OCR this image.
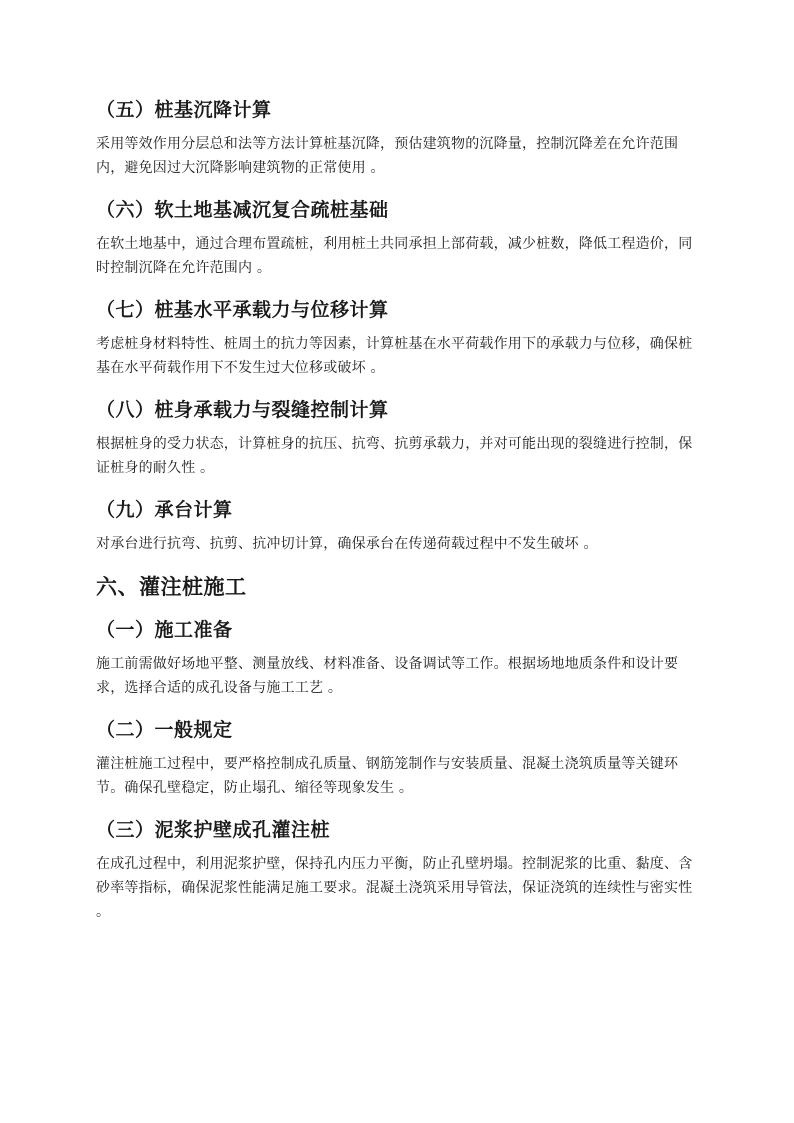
（五）桩基沉降计算
采用等效作用分层总和法等方法计算桩基沉降，预估建筑物的沉降量，控制沉降差在允许范围内，避免因过大沉降影响建筑物的正常使用 。
（六）软土地基减沉复合疏桩基础
在软土地基中，通过合理布置疏桩，利用桩土共同承担上部荷载，减少桩数，降低工程造价，同时控制沉降在允许范围内 。
（七）桩基水平承载力与位移计算
考虑桩身材料特性、桩周土的抗力等因素，计算桩基在水平荷载作用下的承载力与位移，确保桩基在水平荷载作用下不发生过大位移或破坏 。
（八）桩身承载力与裂缝控制计算
根据桩身的受力状态，计算桩身的抗压、抗弯、抗剪承载力，并对可能出现的裂缝进行控制，保证桩身的耐久性 。
（九）承台计算
对承台进行抗弯、抗剪、抗冲切计算，确保承台在传递荷载过程中不发生破坏 。
六、灌注桩施工
（一）施工准备
施工前需做好场地平整、测量放线、材料准备、设备调试等工作。根据场地地质条件和设计要求，选择合适的成孔设备与施工工艺 。
（二）一般规定
灌注桩施工过程中，要严格控制成孔质量、钢筋笼制作与安装质量、混凝土浇筑质量等关键环节。确保孔壁稳定，防止塌孔、缩径等现象发生 。
（三）泥浆护壁成孔灌注桩
在成孔过程中，利用泥浆护壁，保持孔内压力平衡，防止孔壁坍塌。控制泥浆的比重、黏度、含砂率等指标，确保泥浆性能满足施工要求。混凝土浇筑采用导管法，保证浇筑的连续性与密实性 。
